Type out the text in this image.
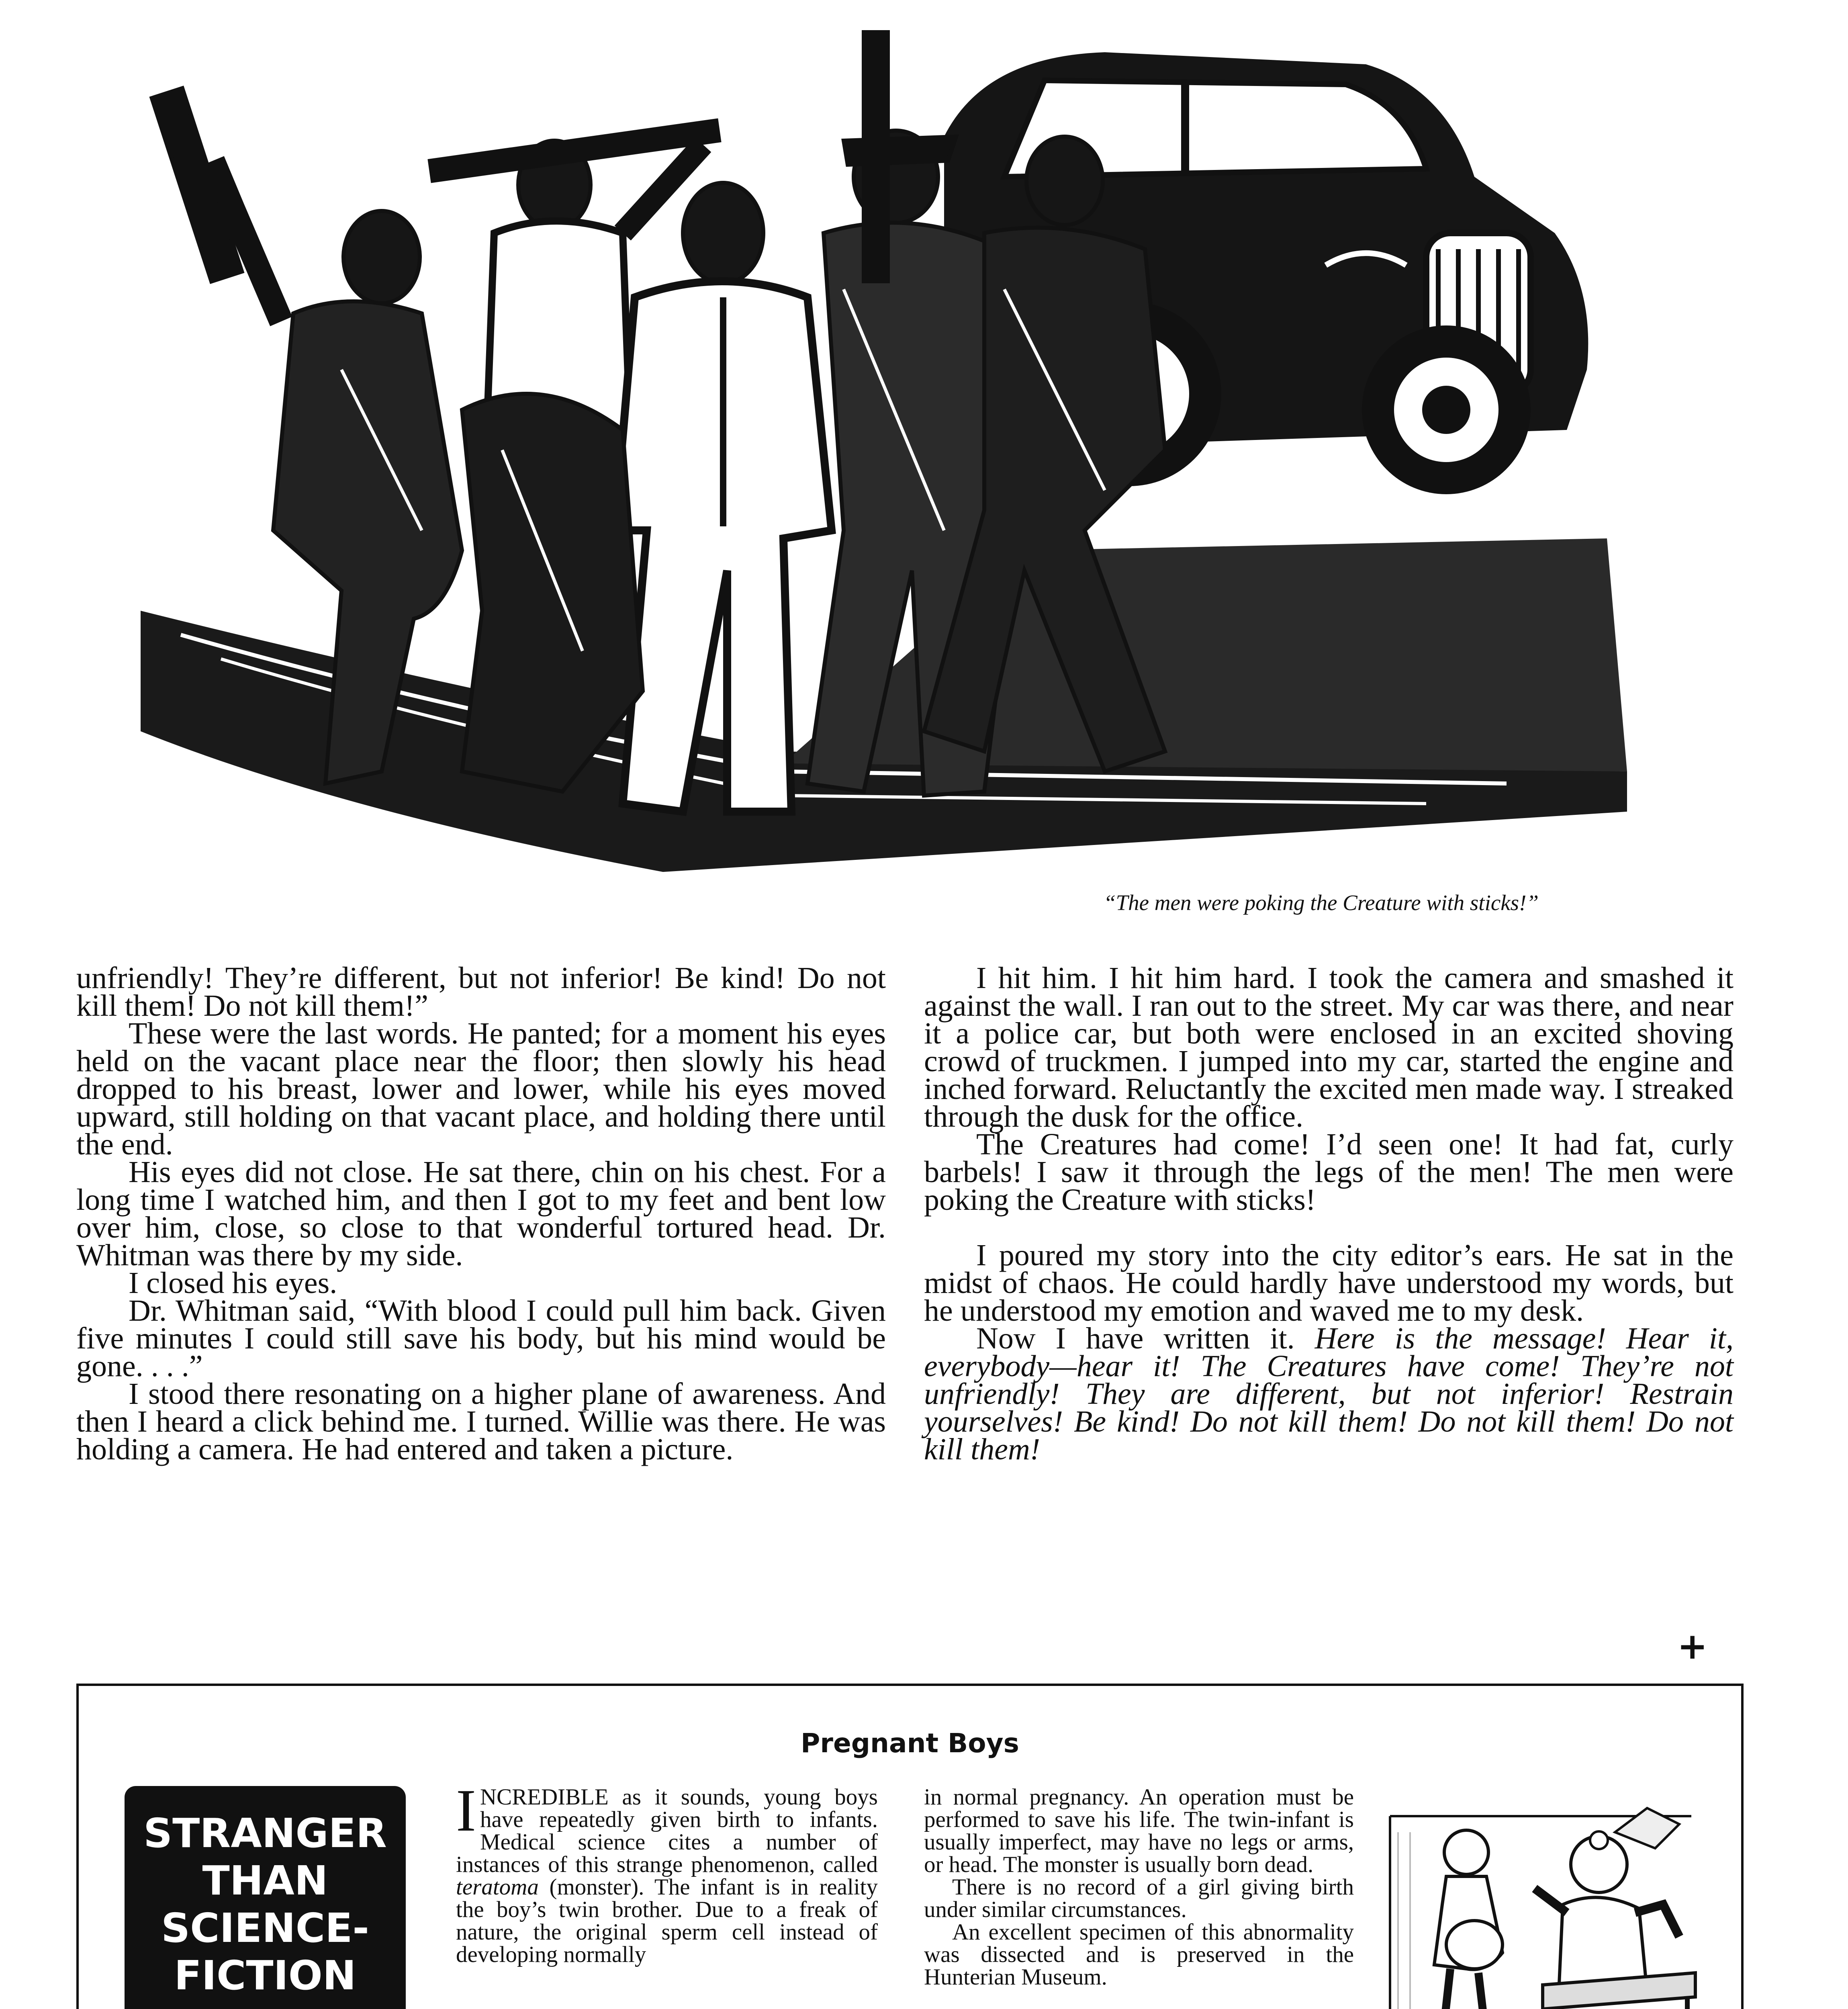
“The men were poking the Creature with sticks!”

unfriendly! They’re different, but not inferior! Be kind! Do not kill them! Do not kill them!”

These were the last words. He panted; for a moment his eyes held on the vacant place near the floor; then slowly his head dropped to his breast, lower and lower, while his eyes moved upward, still holding on that vacant place, and holding there until the end.

His eyes did not close. He sat there, chin on his chest. For a long time I watched him, and then I got to my feet and bent low over him, close, so close to that wonderful tortured head. Dr. Whitman was there by my side.

I closed his eyes.

Dr. Whitman said, “With blood I could pull him back. Given five minutes I could still save his body, but his mind would be gone. . . .”

I stood there resonating on a higher plane of awareness. And then I heard a click behind me. I turned. Willie was there. He was holding a camera. He had entered and taken a picture.

I hit him. I hit him hard. I took the camera and smashed it against the wall. I ran out to the street. My car was there, and near it a police car, but both were enclosed in an excited shoving crowd of truckmen. I jumped into my car, started the engine and inched forward. Reluctantly the excited men made way. I streaked through the dusk for the office.

The Creatures had come! I’d seen one! It had fat, curly barbels! I saw it through the legs of the men! The men were poking the Creature with sticks!

I poured my story into the city editor’s ears. He sat in the midst of chaos. He could hardly have understood my words, but he understood my emotion and waved me to my desk.

Now I have written it. Here is the message! Hear it, everybody—hear it! The Creatures have come! They’re not unfriendly! They are different, but not inferior! Restrain yourselves! Be kind! Do not kill them! Do not kill them! Do not kill them!

+
Pregnant Boys
STRANGER
THAN
SCIENCE-
FICTION

INCREDIBLE as it sounds, young boys have repeatedly given birth to infants. Medical science cites a number of instances of this strange phenomenon, called teratoma (monster). The infant is in reality the boy’s twin brother. Due to a freak of nature, the original sperm cell instead of developing normally

in normal pregnancy. An operation must be performed to save his life. The twin-infant is usually imperfect, may have no legs or arms, or head. The monster is usually born dead.

There is no record of a girl giving birth under similar circumstances.

An excellent specimen of this abnormality was dissected and is preserved in the Hunterian Museum.
